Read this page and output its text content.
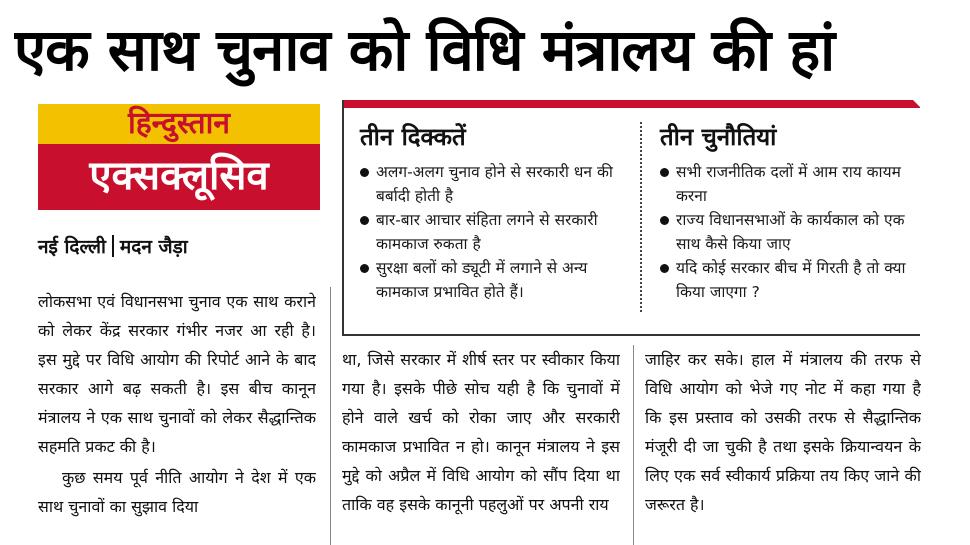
एक साथ चुनाव को विधि मंत्रालय की हां
हिन्दुस्तान
एक्सक्लूसिव
नई दिल्ली मदन जैड़ा
तीन दिक्कतें
अलग-अलग चुनाव होने से सरकारी धन की बर्बादी होती है
बार-बार आचार संहिता लगने से सरकारी कामकाज रुकता है
सुरक्षा बलों को ड्यूटी में लगाने से अन्य कामकाज प्रभावित होते हैं।
तीन चुनौतियां
सभी राजनीतिक दलों में आम राय कायम करना
राज्य विधानसभाओं के कार्यकाल को एक साथ कैसे किया जाए
यदि कोई सरकार बीच में गिरती है तो क्या किया जाएगा ?

लोकसभा एवं विधानसभा चुनाव एक साथ कराने को लेकर केंद्र सरकार गंभीर नजर आ रही है। इस मुद्दे पर विधि आयोग की रिपोर्ट आने के बाद सरकार आगे बढ़ सकती है। इस बीच कानून मंत्रालय ने एक साथ चुनावों को लेकर सैद्धान्तिक सहमति प्रकट की है।

कुछ समय पूर्व नीति आयोग ने देश में एक साथ चुनावों का सुझाव दिया

था, जिसे सरकार में शीर्ष स्तर पर स्वीकार किया गया है। इसके पीछे सोच यही है कि चुनावों में होने वाले खर्च को रोका जाए और सरकारी कामकाज प्रभावित न हो। कानून मंत्रालय ने इस मुद्दे को अप्रैल में विधि आयोग को सौंप दिया था ताकि वह इसके कानूनी पहलुओं पर अपनी राय

जाहिर कर सके। हाल में मंत्रालय की तरफ से विधि आयोग को भेजे गए नोट में कहा गया है कि इस प्रस्ताव को उसकी तरफ से सैद्धान्तिक मंजूरी दी जा चुकी है तथा इसके क्रियान्वयन के लिए एक सर्व स्वीकार्य प्रक्रिया तय किए जाने की जरूरत है।
